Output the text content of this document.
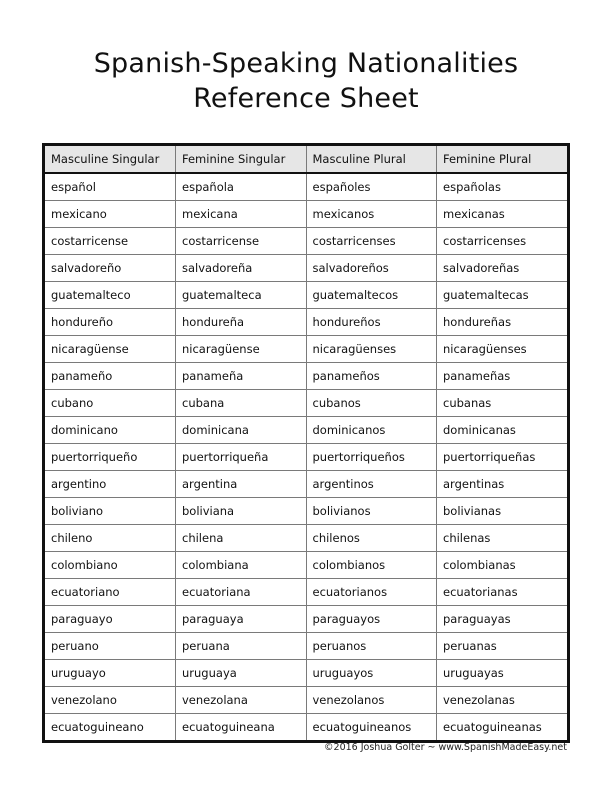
Spanish-Speaking Nationalities
Reference Sheet
Masculine Singular	Feminine Singular	Masculine Plural	Feminine Plural
español	española	españoles	españolas
mexicano	mexicana	mexicanos	mexicanas
costarricense	costarricense	costarricenses	costarricenses
salvadoreño	salvadoreña	salvadoreños	salvadoreñas
guatemalteco	guatemalteca	guatemaltecos	guatemaltecas
hondureño	hondureña	hondureños	hondureñas
nicaragüense	nicaragüense	nicaragüenses	nicaragüenses
panameño	panameña	panameños	panameñas
cubano	cubana	cubanos	cubanas
dominicano	dominicana	dominicanos	dominicanas
puertorriqueño	puertorriqueña	puertorriqueños	puertorriqueñas
argentino	argentina	argentinos	argentinas
boliviano	boliviana	bolivianos	bolivianas
chileno	chilena	chilenos	chilenas
colombiano	colombiana	colombianos	colombianas
ecuatoriano	ecuatoriana	ecuatorianos	ecuatorianas
paraguayo	paraguaya	paraguayos	paraguayas
peruano	peruana	peruanos	peruanas
uruguayo	uruguaya	uruguayos	uruguayas
venezolano	venezolana	venezolanos	venezolanas
ecuatoguineano	ecuatoguineana	ecuatoguineanos	ecuatoguineanas
©2016 Joshua Golter ~ www.SpanishMadeEasy.net
